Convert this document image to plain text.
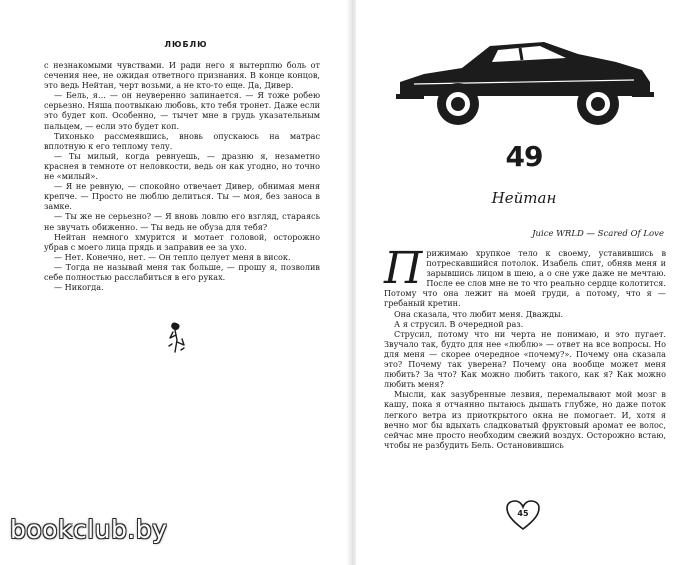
ЛЮБЛЮ

с незнакомыми чувствами. И ради него я вытерплю боль от сечения нее, не ожидая ответного признания. В конце концов, это ведь Нейтан, черт возьми, а не кто-то еще. Да, Дивер.

— Бель, я… — он неуверенно запинается. — Я тоже робею серьезно. Няша поотвыкаю любовь, кто тебя тронет. Даже если это будет коп. Особенно, — тычет мне в грудь указательным пальцем, — если это будет коп.

Тихонько рассмеявшись, вновь опускаюсь на матрас вплотную к его теплому телу.

— Ты милый, когда ревнуешь, — дразню я, незаметно краснея в темноте от неловкости, ведь он как угодно, но точно не «милый».

— Я не ревную, — спокойно отвечает Дивер, обнимая меня крепче. — Просто не люблю делиться. Ты — моя, без заноса в замке.

— Ты же не серьезно? — Я вновь ловлю его взгляд, стараясь не звучать обиженно. — Ты ведь не обуза для тебя?

Нейтан немного хмурится и мотает головой, осторожно убрав с моего лица прядь и заправив ее за ухо.

— Нет. Конечно, нет. — Он тепло целует меня в висок.

— Тогда не называй меня так больше, — прошу я, позволив себе полностью расслабиться в его руках.

— Никогда.

49
Нейтан
Juice WRLD — Scared Of Love

Прижимаю хрупкое тело к своему, уставившись в потрескавшийся потолок. Изабель спит, обняв меня и зарывшись лицом в шею, а о сне уже даже не мечтаю. После ее слов мне не то что реально сердце колотится. Потому что она лежит на моей груди, а потому, что я — гребаный кретин.

Она сказала, что любит меня. Дважды.

А я струсил. В очередной раз.

Струсил, потому что ни черта не понимаю, и это пугает. Звучало так, будто для нее «люблю» — ответ на все вопросы. Но для меня — скорее очередное «почему?». Почему она сказала это? Почему так уверена? Почему она вообще может меня любить? За что? Как можно любить такого, как я? Как можно любить меня?

Мысли, как зазубренные лезвия, перемалывают мой мозг в кашу, пока я отчаянно пытаюсь дышать глубже, но даже поток легкого ветра из приоткрытого окна не помогает. И, хотя я вечно мог бы вдыхать сладковатый фруктовый аромат ее волос, сейчас мне просто необходим свежий воздух. Осторожно встаю, чтобы не разбудить Бель. Остановившись

45
bookclub.by
